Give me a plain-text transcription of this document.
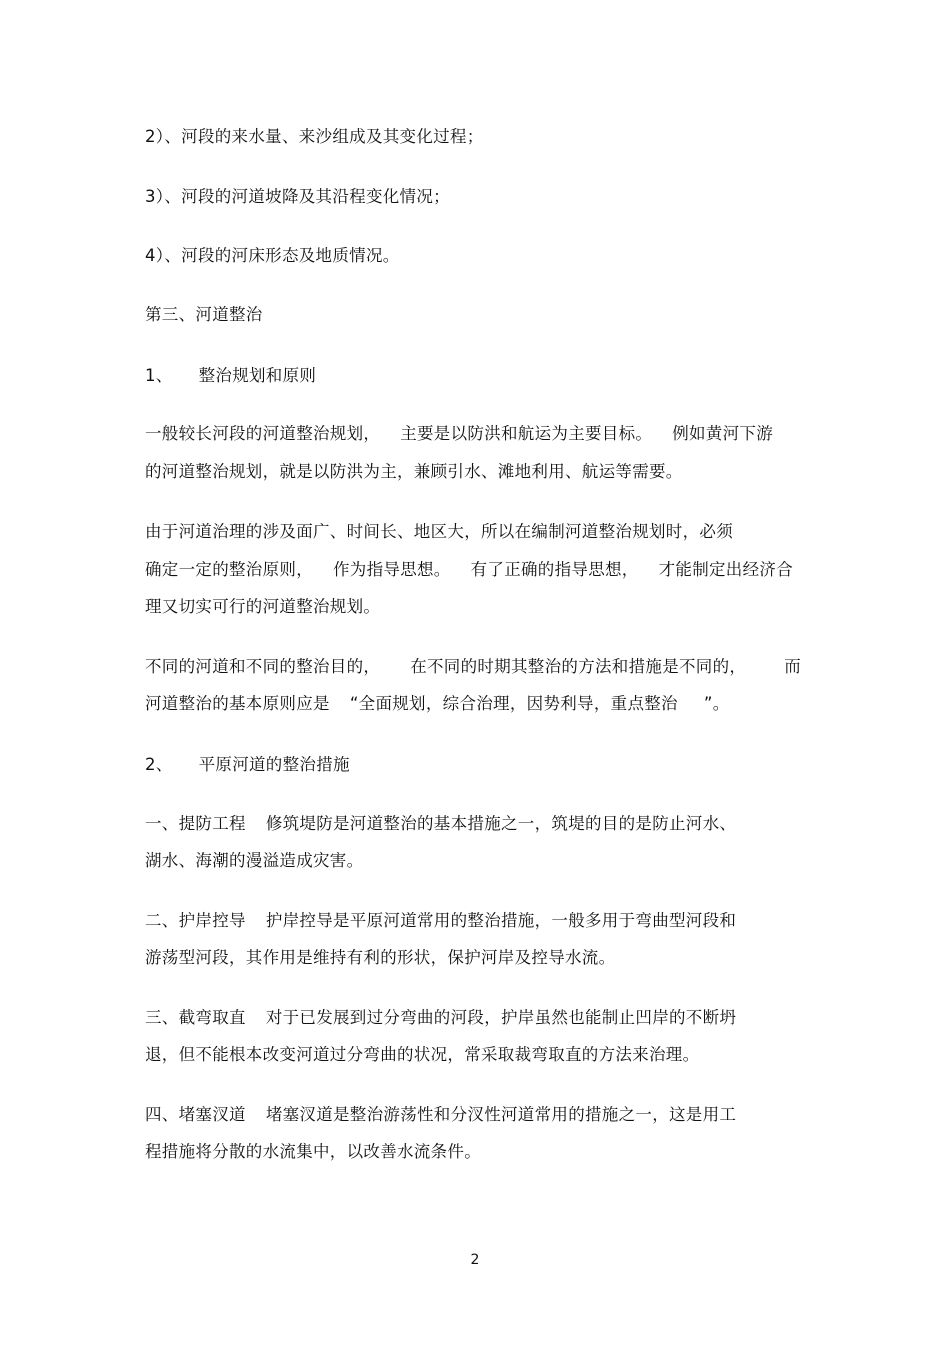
2）、河段的来水量、来沙组成及其变化过程；
3）、河段的河道坡降及其沿程变化情况；
4）、河段的河床形态及地质情况。
第三、河道整治
1、 整治规划和原则
一般较长河段的河道整治规划， 主要是以防洪和航运为主要目标。 例如黄河下游
的河道整治规划，就是以防洪为主，兼顾引水、滩地利用、航运等需要。
由于河道治理的涉及面广、时间长、地区大，所以在编制河道整治规划时，必须
确定一定的整治原则， 作为指导思想。 有了正确的指导思想， 才能制定出经济合
理又切实可行的河道整治规划。
不同的河道和不同的整治目的， 在不同的时期其整治的方法和措施是不同的， 而
河道整治的基本原则应是 “全面规划，综合治理，因势利导，重点整治 ”。
2、 平原河道的整治措施
一、提防工程 修筑堤防是河道整治的基本措施之一，筑堤的目的是防止河水、
湖水、海潮的漫溢造成灾害。
二、护岸控导 护岸控导是平原河道常用的整治措施，一般多用于弯曲型河段和
游荡型河段，其作用是维持有利的形状，保护河岸及控导水流。
三、截弯取直 对于已发展到过分弯曲的河段，护岸虽然也能制止凹岸的不断坍
退，但不能根本改变河道过分弯曲的状况，常采取裁弯取直的方法来治理。
四、堵塞汊道 堵塞汊道是整治游荡性和分汊性河道常用的措施之一，这是用工
程措施将分散的水流集中，以改善水流条件。
2
